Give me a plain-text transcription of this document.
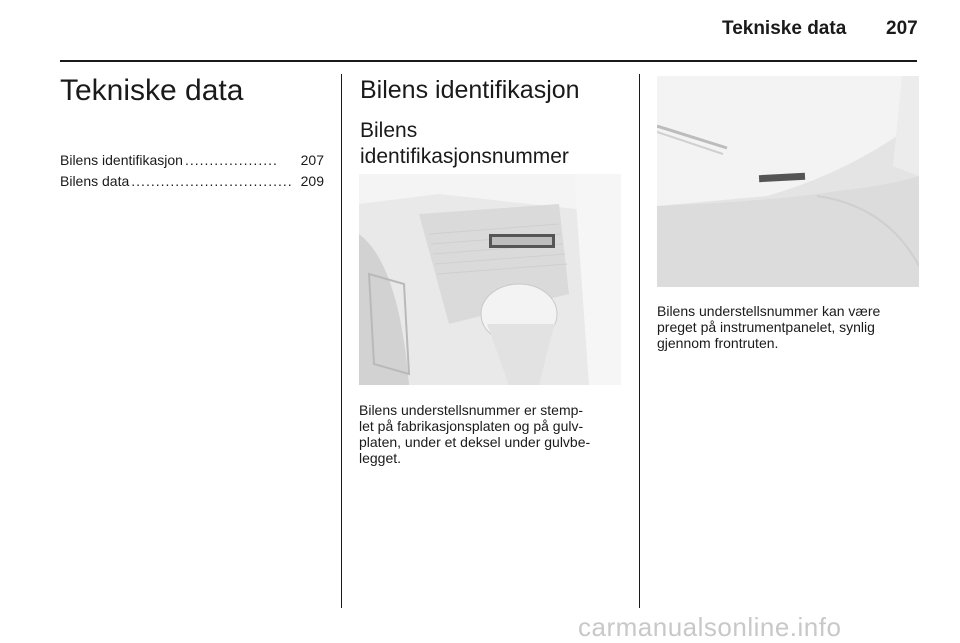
Tekniske data 207
Tekniske data
Bilens identifikasjon ...................	207
Bilens data ................................. 209
Bilens identifikasjon
Bilens identifikasjonsnummer
Bilens understellsnummer er stemp-
let på fabrikasjonsplaten og på gulv-
platen, under et deksel under gulvbe-
legget.
Bilens understellsnummer kan være
preget på instrumentpanelet, synlig
gjennom frontruten.
carmanualsonline.info
